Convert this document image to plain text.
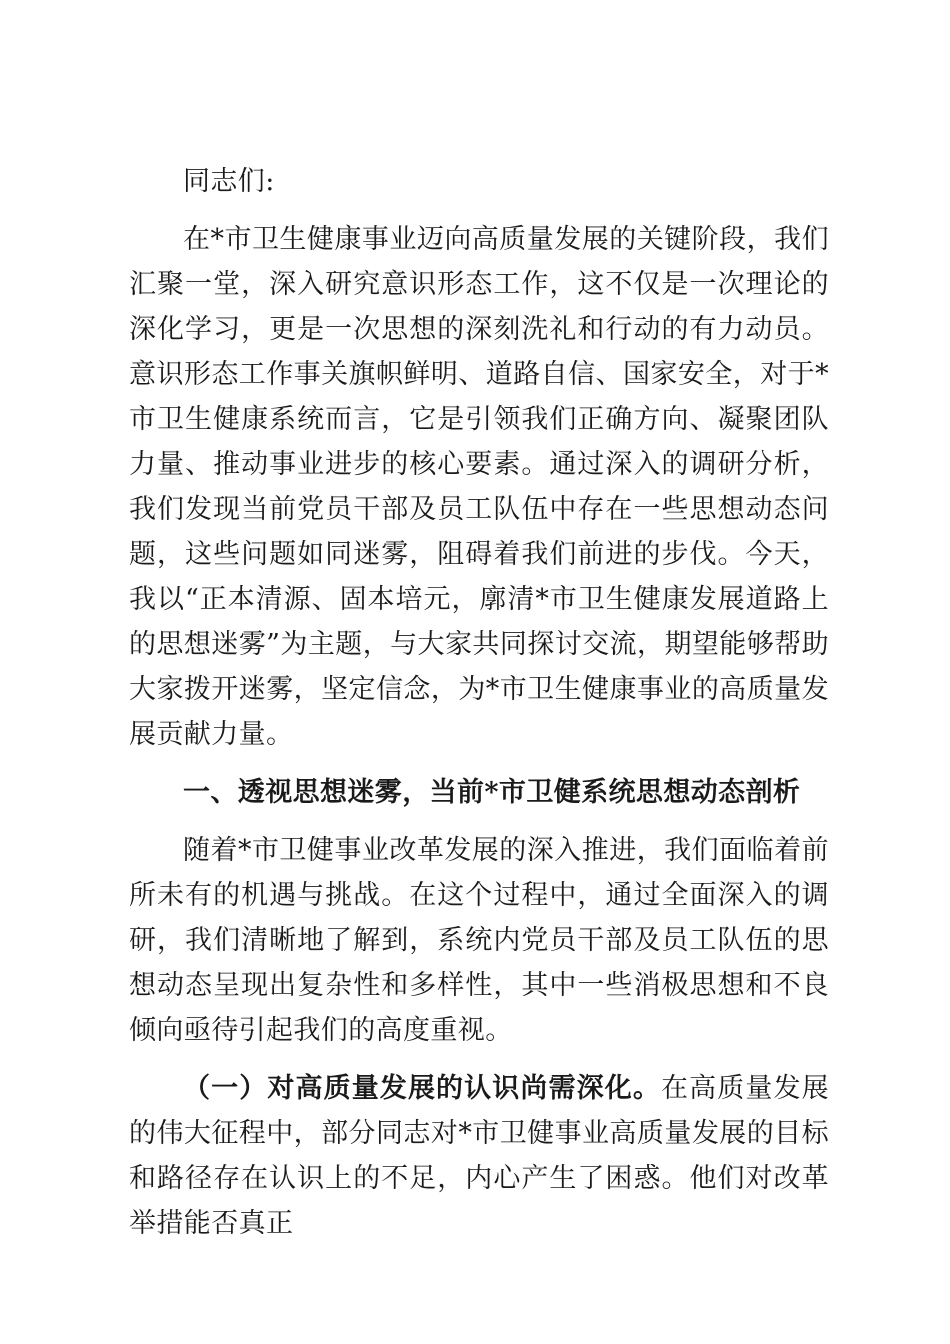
同志们:

在*市卫生健康事业迈向高质量发展的关键阶段，我们汇聚一堂，深入研究意识形态工作，这不仅是一次理论的深化学习，更是一次思想的深刻洗礼和行动的有力动员。意识形态工作事关旗帜鲜明、道路自信、国家安全，对于*市卫生健康系统而言，它是引领我们正确方向、凝聚团队力量、推动事业进步的核心要素。通过深入的调研分析，我们发现当前党员干部及员工队伍中存在一些思想动态问题，这些问题如同迷雾，阻碍着我们前进的步伐。今天，我以“正本清源、固本培元，廓清*市卫生健康发展道路上的思想迷雾”为主题，与大家共同探讨交流，期望能够帮助大家拨开迷雾，坚定信念，为*市卫生健康事业的高质量发展贡献力量。

一、透视思想迷雾，当前*市卫健系统思想动态剖析

随着*市卫健事业改革发展的深入推进，我们面临着前所未有的机遇与挑战。在这个过程中，通过全面深入的调研，我们清晰地了解到，系统内党员干部及员工队伍的思想动态呈现出复杂性和多样性，其中一些消极思想和不良倾向亟待引起我们的高度重视。

（一）对高质量发展的认识尚需深化。在高质量发展的伟大征程中，部分同志对*市卫健事业高质量发展的目标和路径存在认识上的不足，内心产生了困惑。他们对改革举措能否真正
